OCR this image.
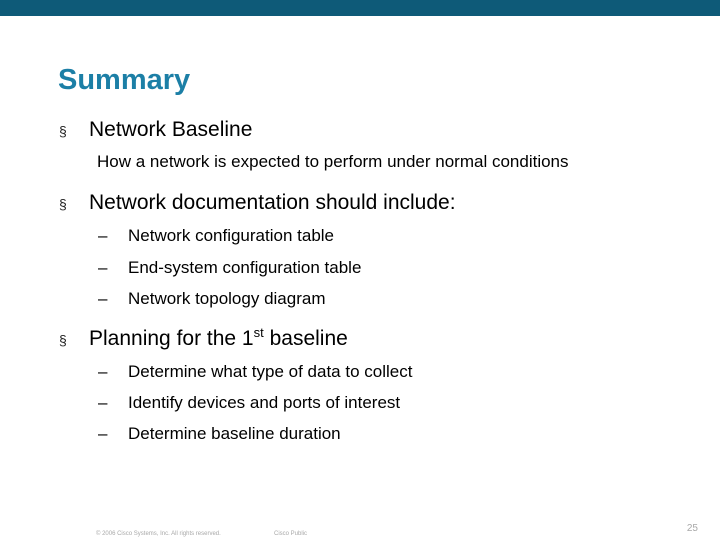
Summary
§ Network Baseline
How a network is expected to perform under normal conditions
§ Network documentation should include:
– Network configuration table
– End-system configuration table
– Network topology diagram
§ Planning for the 1st baseline
– Determine what type of data to collect
– Identify devices and ports of interest
– Determine baseline duration
© 2006 Cisco Systems, Inc. All rights reserved.	Cisco Public	25
